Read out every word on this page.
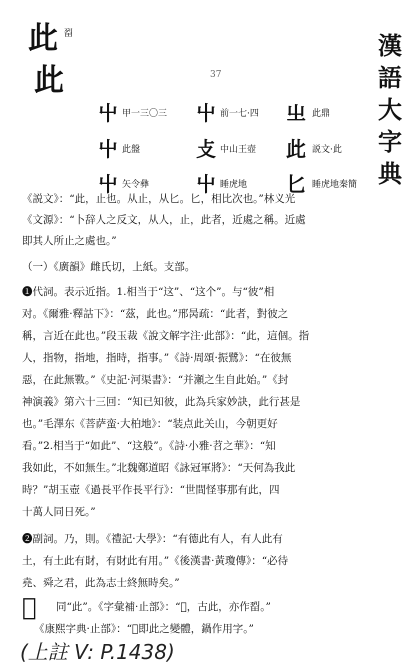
漢
語
大
字
典
此 㽝
此	37
屮 甲一三〇三 屮 前一七·四 㞢 此鼎
屮 此盤	攴 中山王壺 此 説文·此
屮 矢令彝 屮 睡虎地 匕 睡虎地秦簡
《説文》：“此，止也。从止，从匕。匕，相比次也。”林义光
《文源》：“卜辞人之反文，从人，止，此者，近處之稱。近處
即其人所止之處也。”
（一）《廣韻》雌氏切，上紙。支部。
❶代詞。表示近指。1.相当于“这”、“这个”。与“彼”相
对。《爾雅·釋詁下》：“茲，此也。”邢昺疏：“此者，對彼之
稱，言近在此也。”段玉裁《說文解字注·此部》：“此，這個。指
人，指物，指地，指時，指事。”《詩·周頌·振鷺》：“在彼無
惡，在此無斁。”《史記·河渠書》：“并瀬之生自此始。”《封
神演義》第六十三回：“知已知彼，此為兵家妙訣，此行甚是
也。”毛澤东《菩萨蛮·大柏地》：“装点此关山，今朝更好
看。”2.相当于“如此”、“这般”。《詩·小雅·苕之華》：“知
我如此，不如無生。”北魏鄭道昭《詠冠軍將》：“天何為我此
時？”胡玉壺《過長平作長平行》：“世間怪事那有此，四
十萬人同日死。”
❷副詞。乃，則。《禮記·大學》：“有德此有人，有人此有
土，有土此有財，有財此有用。”《後漢書·黃瓊傳》：“必待
堯、舜之君，此為志士終無時矣。”
𣥠 同“此”。《字彙補·止部》：“𣥠，古此，亦作㽝。”
《康熙字典·止部》：“𣥠即此之變體，鍋作用字。”
(上註 V: P.1438)
